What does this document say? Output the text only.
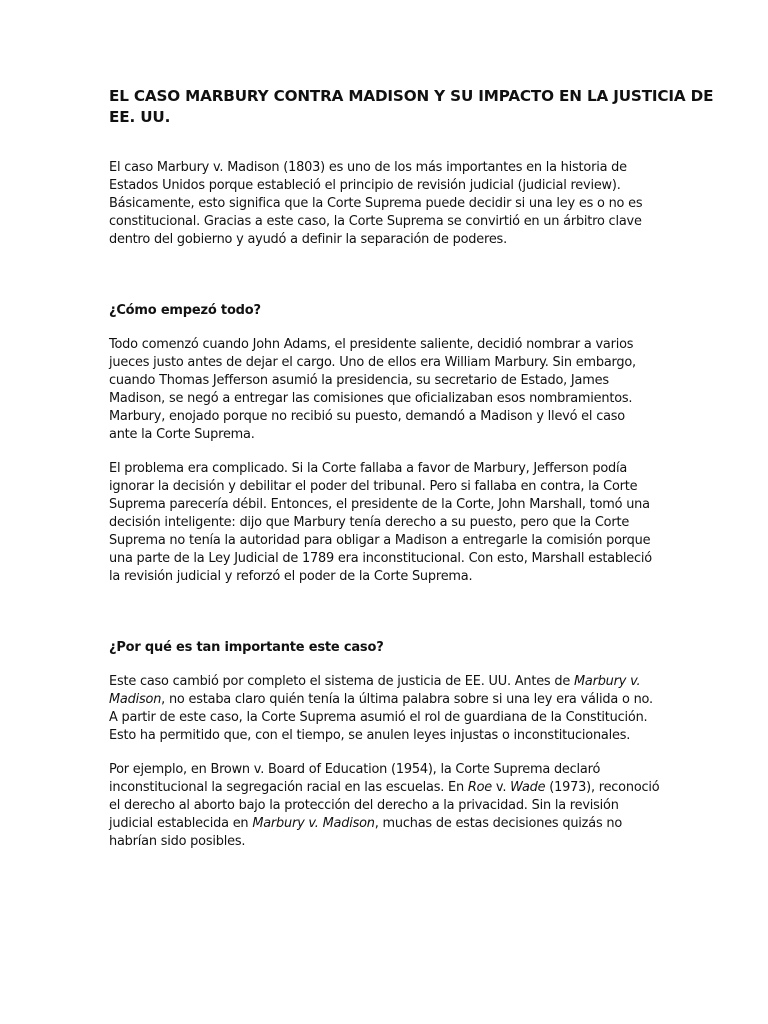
EL CASO MARBURY CONTRA MADISON Y SU IMPACTO EN LA JUSTICIA DE
EE. UU.

El caso Marbury v. Madison (1803) es uno de los más importantes en la historia de
Estados Unidos porque estableció el principio de revisión judicial (judicial review).
Básicamente, esto significa que la Corte Suprema puede decidir si una ley es o no es
constitucional. Gracias a este caso, la Corte Suprema se convirtió en un árbitro clave
dentro del gobierno y ayudó a definir la separación de poderes.

¿Cómo empezó todo?

Todo comenzó cuando John Adams, el presidente saliente, decidió nombrar a varios
jueces justo antes de dejar el cargo. Uno de ellos era William Marbury. Sin embargo,
cuando Thomas Jefferson asumió la presidencia, su secretario de Estado, James
Madison, se negó a entregar las comisiones que oficializaban esos nombramientos.
Marbury, enojado porque no recibió su puesto, demandó a Madison y llevó el caso
ante la Corte Suprema.

El problema era complicado. Si la Corte fallaba a favor de Marbury, Jefferson podía
ignorar la decisión y debilitar el poder del tribunal. Pero si fallaba en contra, la Corte
Suprema parecería débil. Entonces, el presidente de la Corte, John Marshall, tomó una
decisión inteligente: dijo que Marbury tenía derecho a su puesto, pero que la Corte
Suprema no tenía la autoridad para obligar a Madison a entregarle la comisión porque
una parte de la Ley Judicial de 1789 era inconstitucional. Con esto, Marshall estableció
la revisión judicial y reforzó el poder de la Corte Suprema.

¿Por qué es tan importante este caso?

Este caso cambió por completo el sistema de justicia de EE. UU. Antes de Marbury v.
Madison, no estaba claro quién tenía la última palabra sobre si una ley era válida o no.
A partir de este caso, la Corte Suprema asumió el rol de guardiana de la Constitución.
Esto ha permitido que, con el tiempo, se anulen leyes injustas o inconstitucionales.

Por ejemplo, en Brown v. Board of Education (1954), la Corte Suprema declaró
inconstitucional la segregación racial en las escuelas. En Roe v. Wade (1973), reconoció
el derecho al aborto bajo la protección del derecho a la privacidad. Sin la revisión
judicial establecida en Marbury v. Madison, muchas de estas decisiones quizás no
habrían sido posibles.
